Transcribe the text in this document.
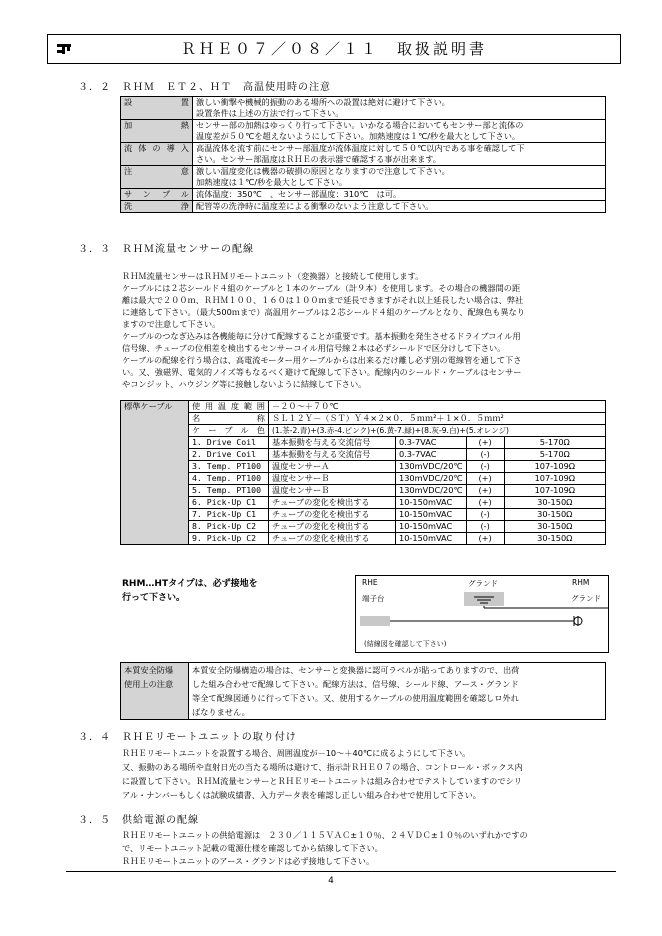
ＲＨＥ０７／０８／１１　取扱説明書
３．２　ＲＨＭ　ＥＴ２、ＨＴ　高温使用時の注意
設　　置	激しい衝撃や機械的振動のある場所への設置は絶対に避けて下さい。
設置条件は上述の方法で行って下さい。

加　　熱	センサー部の加熱はゆっくり行って下さい。いかなる場合においてもセンサー部と流体の
温度差が５０℃を超えないようにして下さい。加熱速度は１℃/秒を最大として下さい。

流体の導入	高温流体を流す前にセンサー部温度が流体温度に対して５０℃以内である事を確認して下
さい。センサー部温度はＲＨＥの表示器で確認する事が出来ます。

注　　意	激しい温度変化は機器の破損の原因となりますので注意して下さい。
加熱速度は１℃/秒を最大として下さい。

サンプル	流体温度：350℃　、センサー部温度：310℃　は可。
洗　　浄	配管等の洗浄時に温度差による衝撃のないよう注意して下さい。
３．３　ＲＨＭ流量センサーの配線
ＲＨＭ流量センサーはＲＨＭリモートユニット（変換器）と接続して使用します。
ケーブルには２芯シールド４組のケーブルと１本のケーブル（計９本）を使用します。その場合の機器間の距
離は最大で２００ｍ、ＲＨＭ１００、１６０は１００ｍまで延長できますがそれ以上延長したい場合は、弊社
に連絡して下さい。（最大500ｍまで）高温用ケーブルは２芯シールド４組のケーブルとなり、配線色も異なり
ますので注意して下さい。
ケーブルのつなぎ込みは各機能毎に分けて配線することが重要です。基本振動を発生させるドライブコイル用
信号線、チューブの位相差を検出するセンサーコイル用信号線２本は必ずシールドで区分けして下さい。
ケーブルの配線を行う場合は、高電流モーター用ケーブルからは出来るだけ離し必ず別の電線管を通して下さ
い。又、強磁界、電気的ノイズ等もなるべく避けて配線して下さい。配線内のシールド・ケーブルはセンサー
やコンジット、ハウジング等に接触しないように結線して下さい。
標準ケーブル	使用温度範囲	－２０～＋７０℃			
	名　　　称	ＳＬ１２Ｙ－（ＳＴ）Ｙ４×２×０．５ｍｍ²＋１×０．５ｍｍ²			
	ケーブル色	(1.茶-2.青)+(3.赤-4.ピンク)+(6.黄-7.緑)+(8.灰-9.白)+(5.オレンジ)			
	1. Drive Coil	基本振動を与える交流信号	0.3-7VAC	(+)	5-170Ω
	2. Drive Coil	基本振動を与える交流信号	0.3-7VAC	(-)	5-170Ω
	3. Temp. PT100	温度センサーＡ	130mVDC/20℃	(-)	107-109Ω
	4. Temp. PT100	温度センサーＢ	130mVDC/20℃	(+)	107-109Ω
	5. Temp. PT100	温度センサーＢ	130mVDC/20℃	(+)	107-109Ω
	6. Pick-Up C1	チューブの変化を検出する	10-150mVAC	(+)	30-150Ω
	7. Pick-Up C1	チューブの変化を検出する	10-150mVAC	(-)	30-150Ω
	8. Pick-Up C2	チューブの変化を検出する	10-150mVAC	(-)	30-150Ω
	9. Pick-Up C2	チューブの変化を検出する	10-150mVAC	(+)	30-150Ω
RHM…HTタイプは、必ず接地を
行って下さい。
RHE
端子台
グランド	RHM
グランド
(結線図を確認して下さい)
本質安全防爆
使用上の注意

本質安全防爆構造の場合は、センサーと変換器に認可ラベルが貼ってありますので、出荷
した組み合わせで配線して下さい。配線方法は、信号線、シールド線、アース・グランド
等全て配線図通りに行って下さい。又、使用するケーブルの使用温度範囲を確認しロ外れ
ばなりません。
３．４　ＲＨＥリモートユニットの取り付け
ＲＨＥリモートユニットを設置する場合、周囲温度が－10～＋40℃に成るようにして下さい。
又、振動のある場所や直射日光の当たる場所は避けて、指示計ＲＨＥ０７の場合、コントロール・ボックス内
に設置して下さい。ＲＨＭ流量センサーとＲＨＥリモートユニットは組み合わせでテストしていますのでシリ
アル・ナンバーもしくは試験成績書、入力データ表を確認し正しい組み合わせで使用して下さい。
３．５　供給電源の配線
ＲＨＥリモートユニットの供給電源は　２３０／１１５ＶＡＣ±１０％、２４ＶＤＣ±１０％のいずれかですの
で、リモートユニット記載の電源仕様を確認してから結線して下さい。
ＲＨＥリモートユニットのアース・グランドは必ず接地して下さい。
4
